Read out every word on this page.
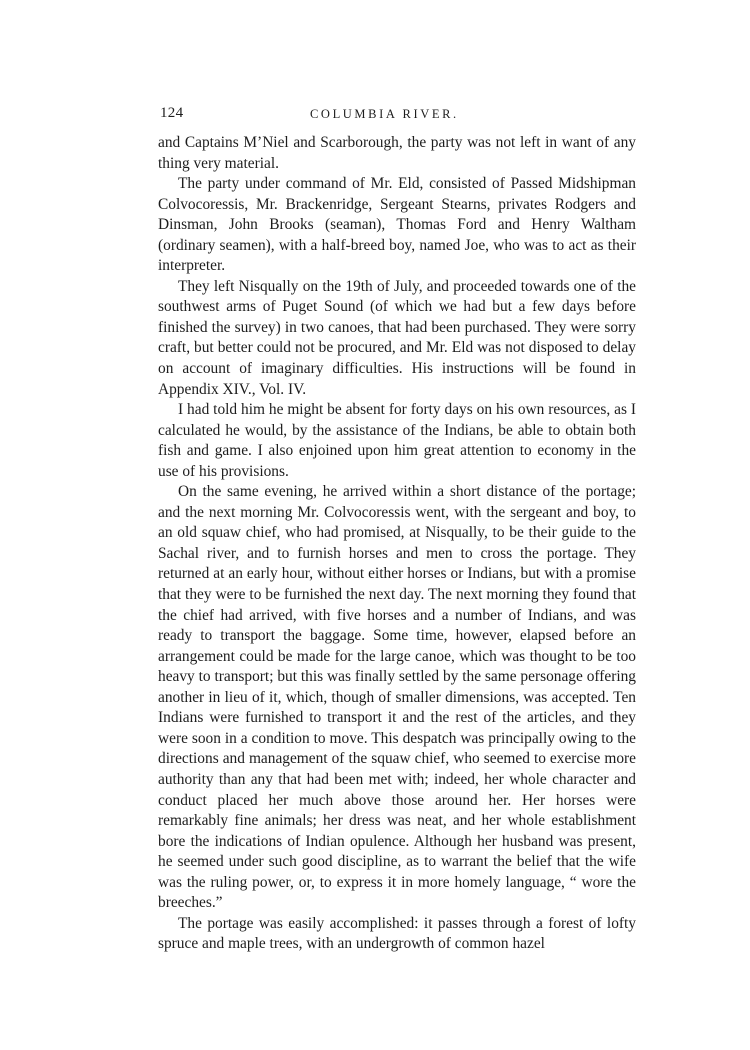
124	COLUMBIA RIVER.

and Captains M’Niel and Scarborough, the party was not left in want of any thing very material.

The party under command of Mr. Eld, consisted of Passed Midshipman Colvocoressis, Mr. Brackenridge, Sergeant Stearns, privates Rodgers and Dinsman, John Brooks (seaman), Thomas Ford and Henry Waltham (ordinary seamen), with a half-breed boy, named Joe, who was to act as their interpreter.

They left Nisqually on the 19th of July, and proceeded towards one of the southwest arms of Puget Sound (of which we had but a few days before finished the survey) in two canoes, that had been purchased. They were sorry craft, but better could not be procured, and Mr. Eld was not disposed to delay on account of imaginary difficulties. His instructions will be found in Appendix XIV., Vol. IV.

I had told him he might be absent for forty days on his own resources, as I calculated he would, by the assistance of the Indians, be able to obtain both fish and game. I also enjoined upon him great attention to economy in the use of his provisions.

On the same evening, he arrived within a short distance of the portage; and the next morning Mr. Colvocoressis went, with the sergeant and boy, to an old squaw chief, who had promised, at Nisqually, to be their guide to the Sachal river, and to furnish horses and men to cross the portage. They returned at an early hour, without either horses or Indians, but with a promise that they were to be furnished the next day. The next morning they found that the chief had arrived, with five horses and a number of Indians, and was ready to transport the baggage. Some time, however, elapsed before an arrangement could be made for the large canoe, which was thought to be too heavy to transport; but this was finally settled by the same personage offering another in lieu of it, which, though of smaller dimensions, was accepted. Ten Indians were furnished to transport it and the rest of the articles, and they were soon in a condition to move. This despatch was principally owing to the directions and management of the squaw chief, who seemed to exercise more authority than any that had been met with; indeed, her whole character and conduct placed her much above those around her. Her horses were remarkably fine animals; her dress was neat, and her whole establishment bore the indications of Indian opulence. Although her husband was present, he seemed under such good discipline, as to warrant the belief that the wife was the ruling power, or, to express it in more homely language, “ wore the breeches.”

The portage was easily accomplished: it passes through a forest of lofty spruce and maple trees, with an undergrowth of common hazel
